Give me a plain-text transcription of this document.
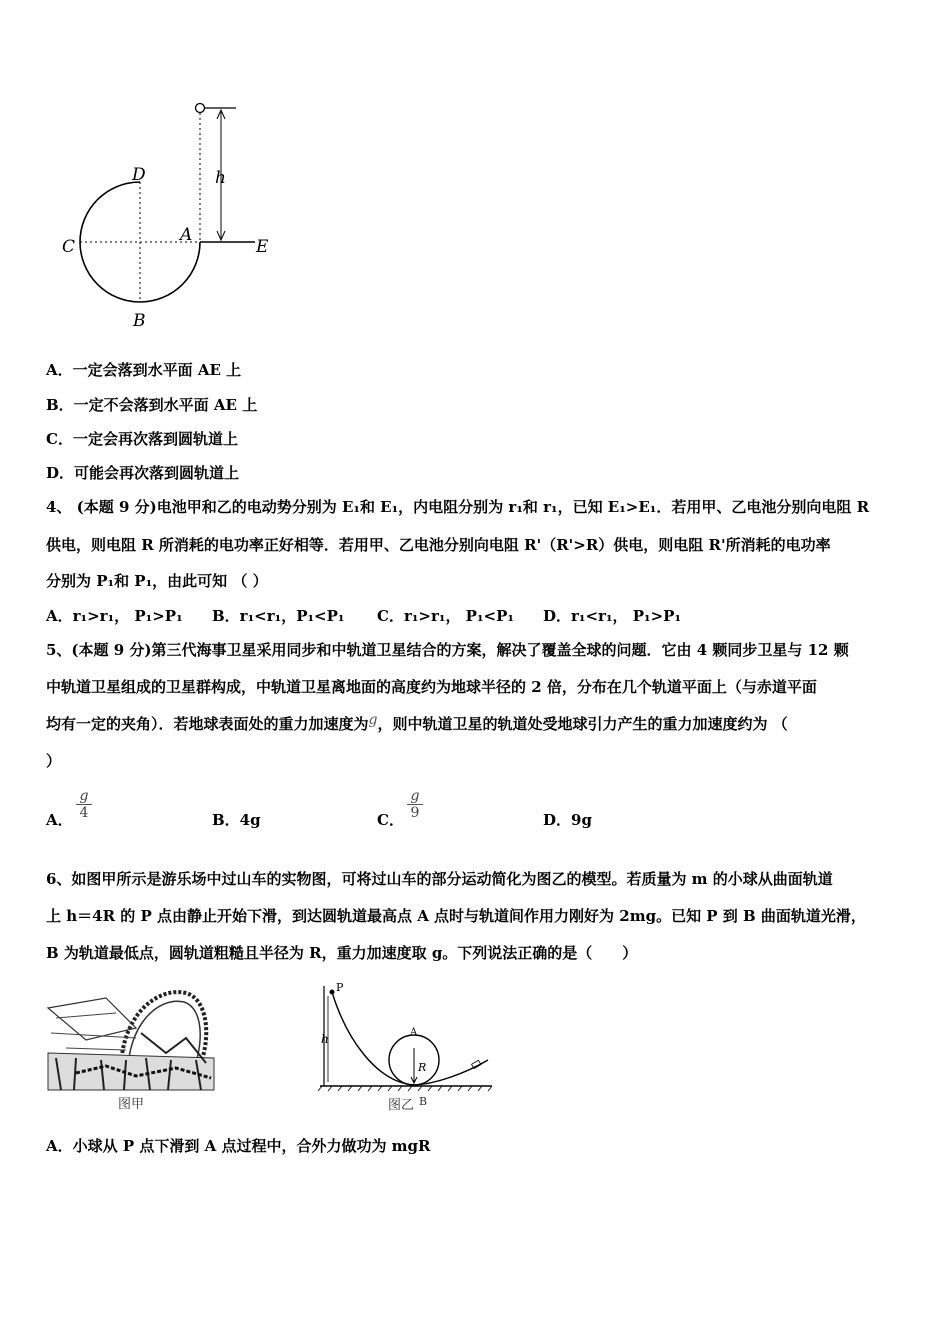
h
D
C
A
E
B
A．一定会落到水平面 AE 上
B．一定不会落到水平面 AE 上
C．一定会再次落到圆轨道上
D．可能会再次落到圆轨道上
4、 (本题 9 分)电池甲和乙的电动势分别为 E₁和 E₁，内电阻分别为 r₁和 r₁，已知 E₁>E₁．若用甲、乙电池分别向电阻 R
供电，则电阻 R 所消耗的电功率正好相等．若用甲、乙电池分别向电阻 R'（R'>R）供电，则电阻 R'所消耗的电功率
分别为 P₁和 P₁，由此可知 （ ）
A．r₁>r₁， P₁>P₁ B．r₁<r₁，P₁<P₁ C．r₁>r₁， P₁<P₁ D．r₁<r₁， P₁>P₁
5、(本题 9 分)第三代海事卫星采用同步和中轨道卫星结合的方案，解决了覆盖全球的问题．它由 4 颗同步卫星与 12 颗
中轨道卫星组成的卫星群构成，中轨道卫星离地面的高度约为地球半径的 2 倍，分布在几个轨道平面上（与赤道平面
均有一定的夹角）．若地球表面处的重力加速度为g，则中轨道卫星的轨道处受地球引力产生的重力加速度约为 （
）
A．
g
4	B．4g	C．
g
9	D．9g
6、如图甲所示是游乐场中过山车的实物图，可将过山车的部分运动简化为图乙的模型。若质量为 m 的小球从曲面轨道
上 h＝4R 的 P 点由静止开始下滑，到达圆轨道最高点 A 点时与轨道间作用力刚好为 2mg。已知 P 到 B 曲面轨道光滑，
B 为轨道最低点，圆轨道粗糙且半径为 R，重力加速度取 g。下列说法正确的是（　　）
图甲
h
P
A
R
图乙 B
A．小球从 P 点下滑到 A 点过程中，合外力做功为 mgR
